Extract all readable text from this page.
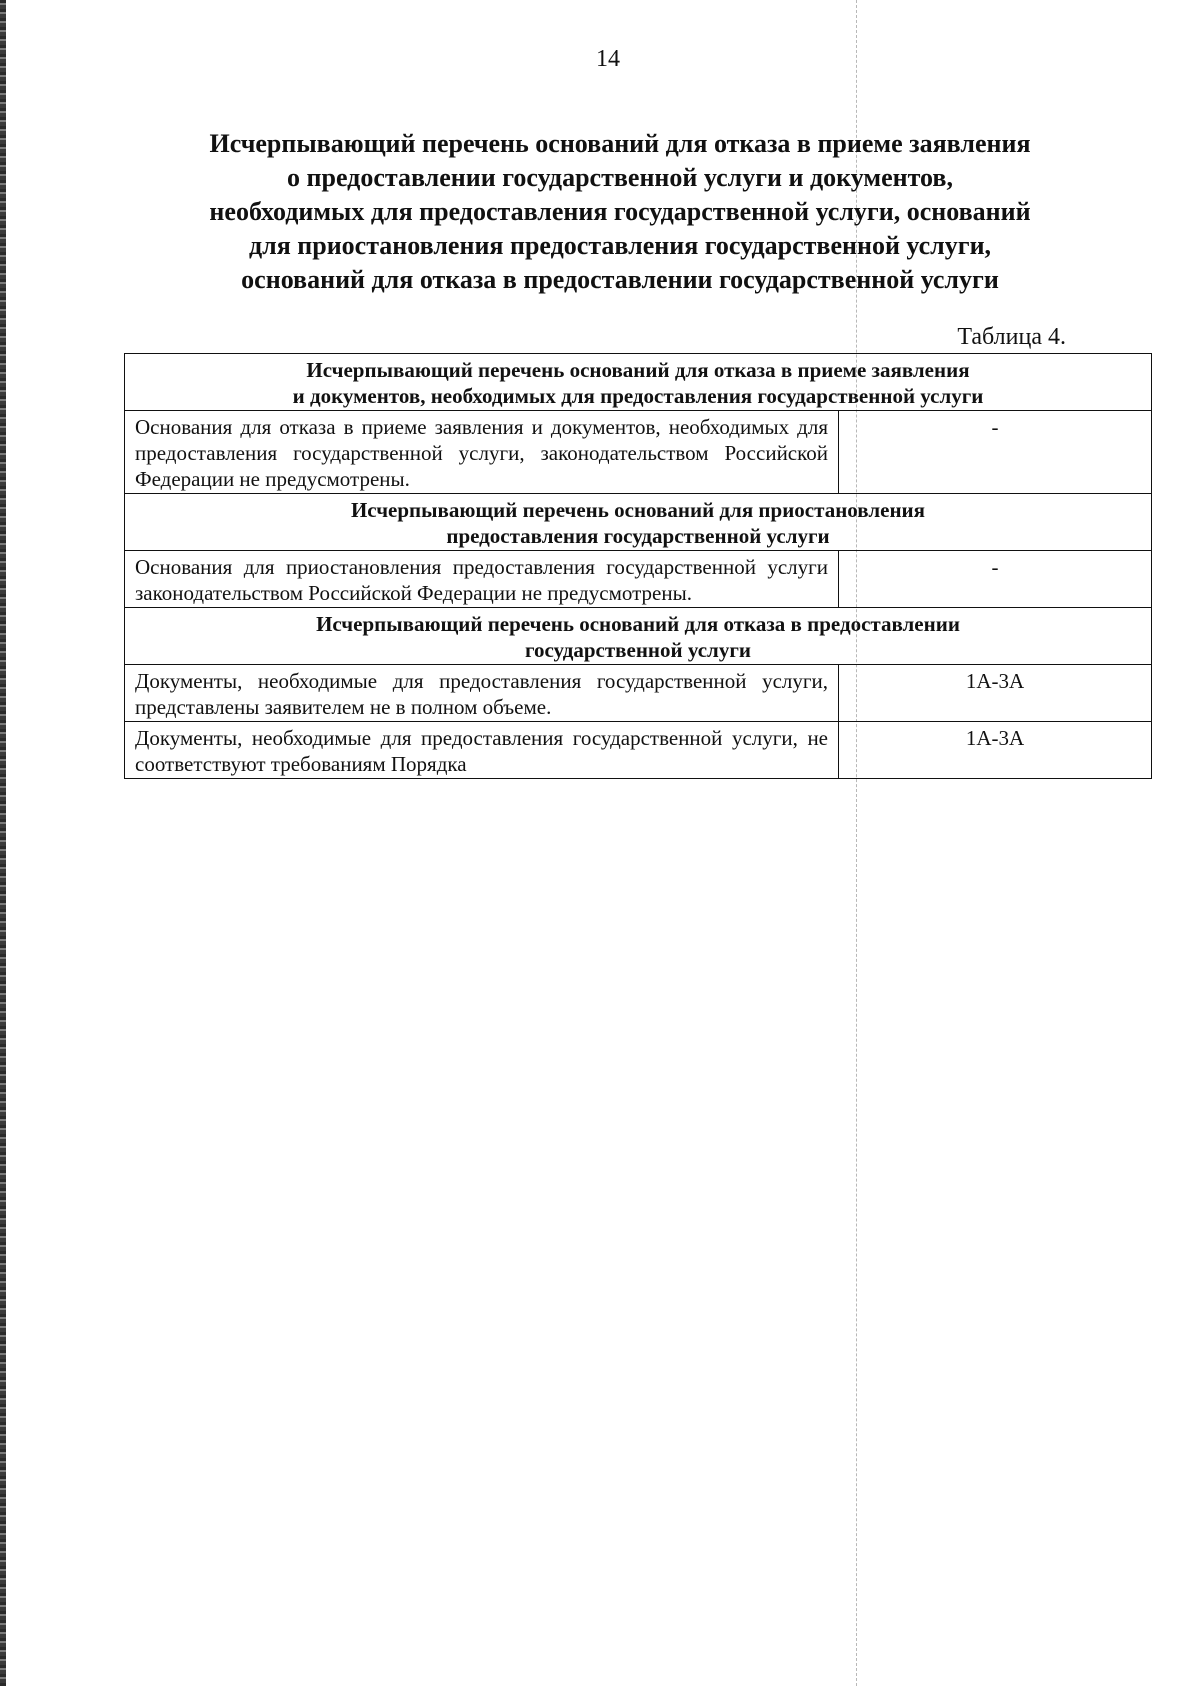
14
Исчерпывающий перечень оснований для отказа в приеме заявления
о предоставлении государственной услуги и документов,
необходимых для предоставления государственной услуги, оснований
для приостановления предоставления государственной услуги,
оснований для отказа в предоставлении государственной услуги
Таблица 4.
Исчерпывающий перечень оснований для отказа в приеме заявления
и документов, необходимых для предоставления государственной услуги	

Основания для отказа в приеме заявления и документов, необходимых для предоставления государственной услуги, законодательством Российской Федерации не предусмотрены.	-

Исчерпывающий перечень оснований для приостановления
предоставления государственной услуги	

Основания для приостановления предоставления государственной услуги законодательством Российской Федерации не предусмотрены.	-

Исчерпывающий перечень оснований для отказа в предоставлении
государственной услуги	

Документы, необходимые для предоставления государственной услуги, представлены заявителем не в полном объеме.	1А-3А
Документы, необходимые для предоставления государственной услуги, не соответствуют требованиям Порядка	1А-3А
